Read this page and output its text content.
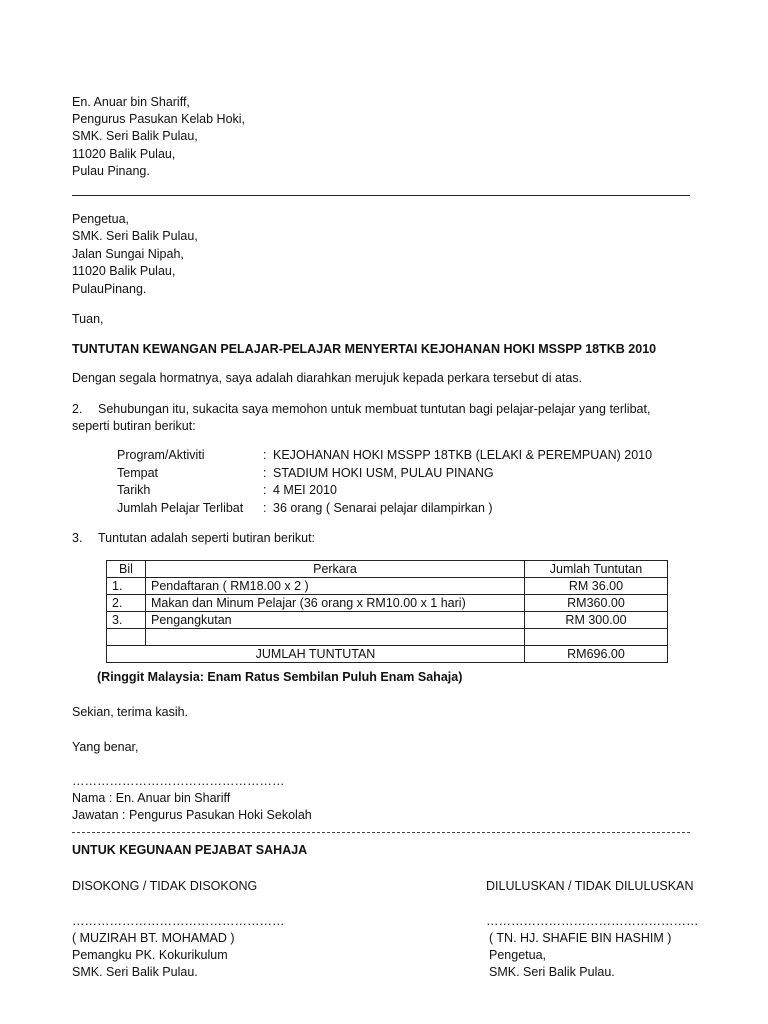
En. Anuar bin Shariff,
Pengurus Pasukan Kelab Hoki,
SMK. Seri Balik Pulau,
11020 Balik Pulau,
Pulau Pinang.
Pengetua,
SMK. Seri Balik Pulau,
Jalan Sungai Nipah,
11020 Balik Pulau,
PulauPinang.
Tuan,
TUNTUTAN KEWANGAN PELAJAR-PELAJAR MENYERTAI KEJOHANAN HOKI MSSPP 18TKB 2010
Dengan segala hormatnya, saya adalah diarahkan merujuk kepada perkara tersebut di atas.
2. Sehubungan itu, sukacita saya memohon untuk membuat tuntutan bagi pelajar-pelajar yang terlibat,
seperti butiran berikut:
Program/Aktiviti	: KEJOHANAN HOKI MSSPP 18TKB (LELAKI & PEREMPUAN) 2010
Tempat	: STADIUM HOKI USM, PULAU PINANG
Tarikh	: 4 MEI 2010
Jumlah Pelajar Terlibat :36 orang ( Senarai pelajar dilampirkan )
3. Tuntutan adalah seperti butiran berikut:
Bil	Perkara	Jumlah Tuntutan
1.	Pendaftaran ( RM18.00 x 2 )	RM 36.00
2.	Makan dan Minum Pelajar (36 orang x RM10.00 x 1 hari)	RM360.00
3.	Pengangkutan	RM 300.00

JUMLAH TUNTUTAN		RM696.00
(Ringgit Malaysia: Enam Ratus Sembilan Puluh Enam Sahaja)
Sekian, terima kasih.
Yang benar,
……………………………………………
Nama : En. Anuar bin Shariff
Jawatan : Pengurus Pasukan Hoki Sekolah
UNTUK KEGUNAAN PEJABAT SAHAJA
DISOKONG / TIDAK DISOKONG
……………………………………………
( MUZIRAH BT. MOHAMAD )
Pemangku PK. Kokurikulum
SMK. Seri Balik Pulau.
DILULUSKAN / TIDAK DILULUSKAN
……………………………………………
( TN. HJ. SHAFIE BIN HASHIM )
Pengetua,
SMK. Seri Balik Pulau.
